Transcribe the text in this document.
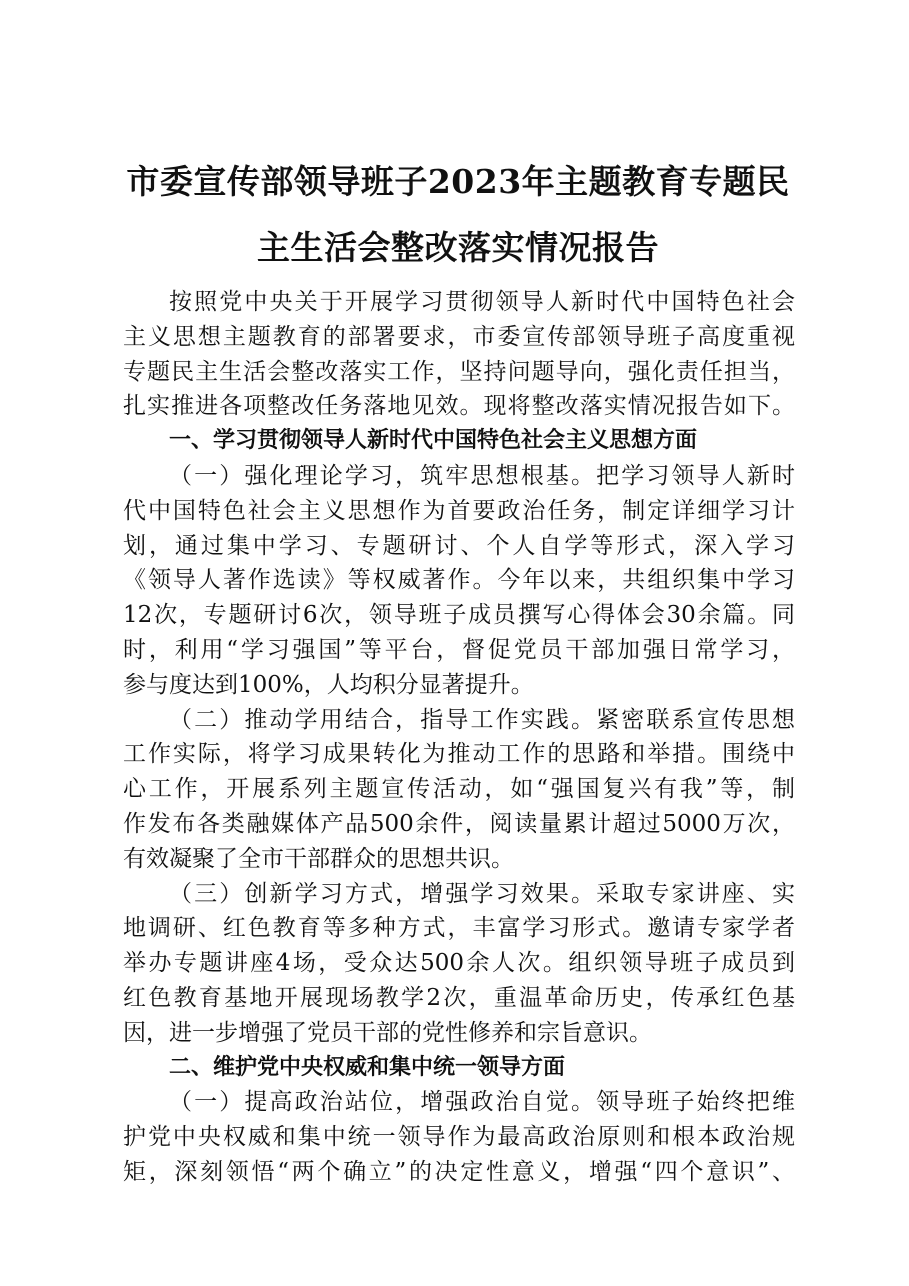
市委宣传部领导班子2023年主题教育专题民
主生活会整改落实情况报告
按照党中央关于开展学习贯彻领导人新时代中国特色社会
主义思想主题教育的部署要求，市委宣传部领导班子高度重视
专题民主生活会整改落实工作，坚持问题导向，强化责任担当，
扎实推进各项整改任务落地见效。现将整改落实情况报告如下。
一、学习贯彻领导人新时代中国特色社会主义思想方面
（一）强化理论学习，筑牢思想根基。把学习领导人新时
代中国特色社会主义思想作为首要政治任务，制定详细学习计
划，通过集中学习、专题研讨、个人自学等形式，深入学习
《领导人著作选读》等权威著作。今年以来，共组织集中学习
12次，专题研讨6次，领导班子成员撰写心得体会30余篇。同
时，利用“学习强国”等平台，督促党员干部加强日常学习，
参与度达到100%，人均积分显著提升。
（二）推动学用结合，指导工作实践。紧密联系宣传思想
工作实际，将学习成果转化为推动工作的思路和举措。围绕中
心工作，开展系列主题宣传活动，如“强国复兴有我”等，制
作发布各类融媒体产品500余件，阅读量累计超过5000万次，
有效凝聚了全市干部群众的思想共识。
（三）创新学习方式，增强学习效果。采取专家讲座、实
地调研、红色教育等多种方式，丰富学习形式。邀请专家学者
举办专题讲座4场，受众达500余人次。组织领导班子成员到
红色教育基地开展现场教学2次，重温革命历史，传承红色基
因，进一步增强了党员干部的党性修养和宗旨意识。
二、维护党中央权威和集中统一领导方面
（一）提高政治站位，增强政治自觉。领导班子始终把维
护党中央权威和集中统一领导作为最高政治原则和根本政治规
矩，深刻领悟“两个确立”的决定性意义，增强“四个意识”、
